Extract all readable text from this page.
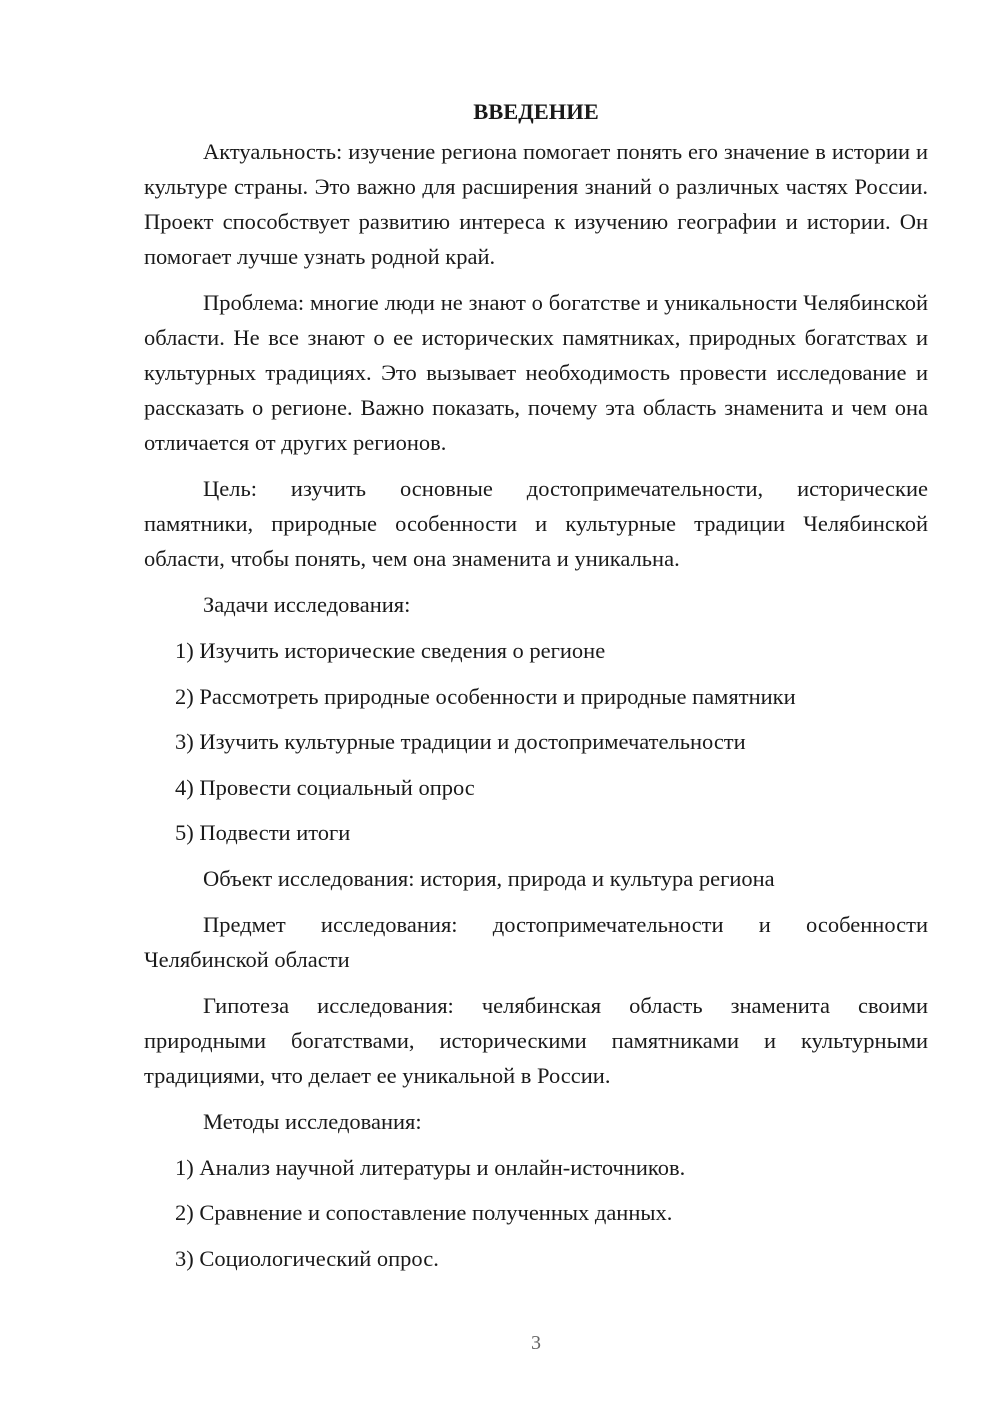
ВВЕДЕНИЕ

Актуальность: изучение региона помогает понять его значение в истории и культуре страны. Это важно для расширения знаний о различных частях России. Проект способствует развитию интереса к изучению географии и истории. Он помогает лучше узнать родной край.

Проблема: многие люди не знают о богатстве и уникальности Челябинской области. Не все знают о ее исторических памятниках, природных богатствах и культурных традициях. Это вызывает необходимость провести исследование и рассказать о регионе. Важно показать, почему эта область знаменита и чем она отличается от других регионов.

Цель: изучить основные достопримечательности, исторические памятники, природные особенности и культурные традиции Челябинской области, чтобы понять, чем она знаменита и уникальна.

Задачи исследования:

1) Изучить исторические сведения о регионе
2) Рассмотреть природные особенности и природные памятники
3) Изучить культурные традиции и достопримечательности
4) Провести социальный опрос
5) Подвести итоги

Объект исследования: история, природа и культура региона

Предмет исследования: достопримечательности и особенности Челябинской области

Гипотеза исследования: челябинская область знаменита своими природными богатствами, историческими памятниками и культурными традициями, что делает ее уникальной в России.

Методы исследования:

1) Анализ научной литературы и онлайн-источников.
2) Сравнение и сопоставление полученных данных.
3) Социологический опрос.
3
